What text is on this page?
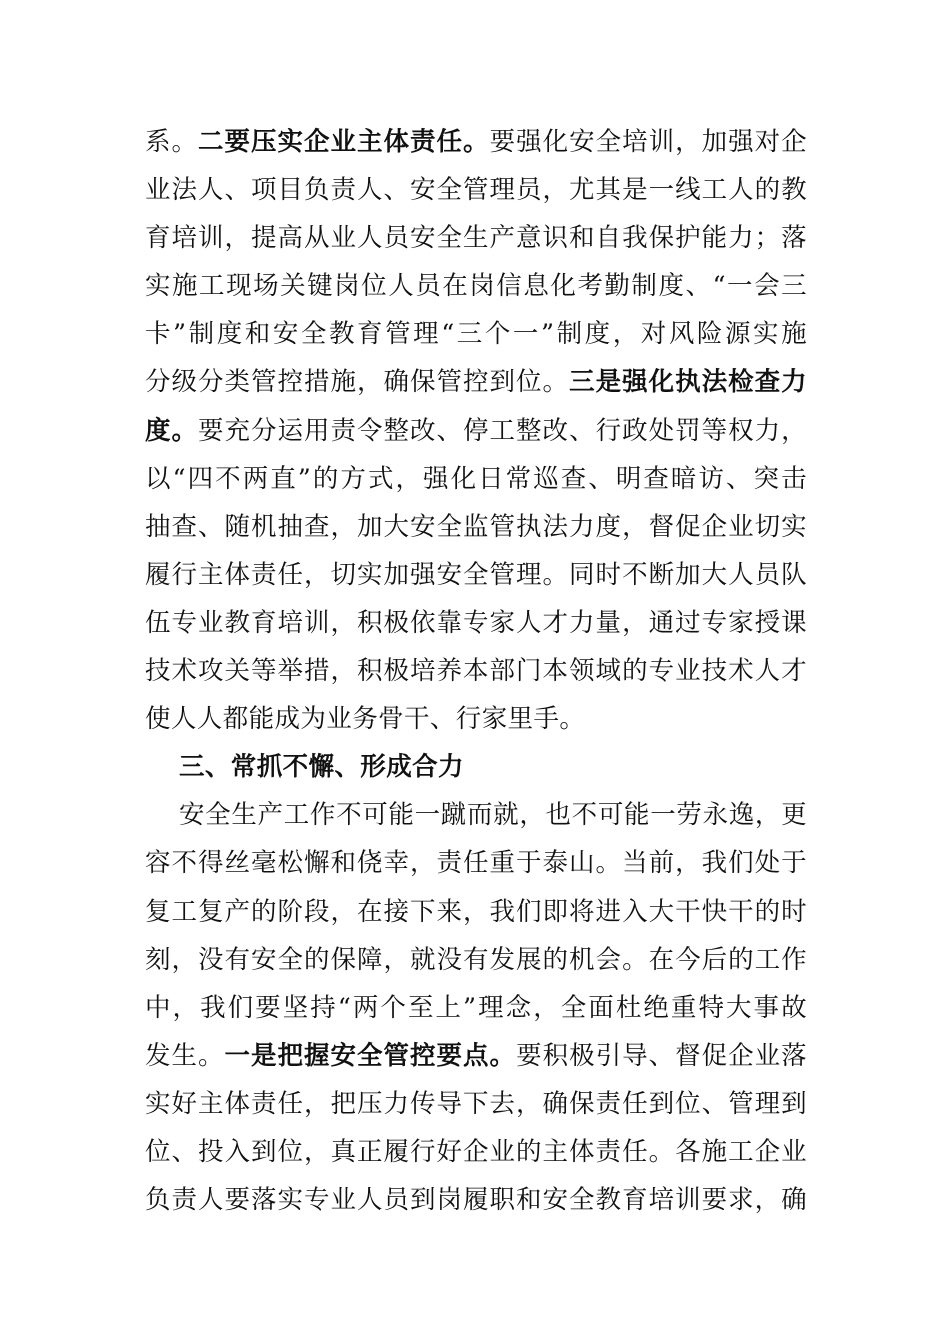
系。二要压实企业主体责任。要强化安全培训，加强对企
业法人、项目负责人、安全管理员，尤其是一线工人的教
育培训，提高从业人员安全生产意识和自我保护能力；落
实施工现场关键岗位人员在岗信息化考勤制度、“一会三
卡”制度和安全教育管理“三个一”制度，对风险源实施
分级分类管控措施，确保管控到位。三是强化执法检查力
度。要充分运用责令整改、停工整改、行政处罚等权力，
以“四不两直”的方式，强化日常巡查、明查暗访、突击
抽查、随机抽查，加大安全监管执法力度，督促企业切实
履行主体责任，切实加强安全管理。同时不断加大人员队
伍专业教育培训，积极依靠专家人才力量，通过专家授课
技术攻关等举措，积极培养本部门本领域的专业技术人才
使人人都能成为业务骨干、行家里手。
三、常抓不懈、形成合力
安全生产工作不可能一蹴而就，也不可能一劳永逸，更
容不得丝毫松懈和侥幸，责任重于泰山。当前，我们处于
复工复产的阶段，在接下来，我们即将进入大干快干的时
刻，没有安全的保障，就没有发展的机会。在今后的工作
中，我们要坚持“两个至上”理念，全面杜绝重特大事故
发生。一是把握安全管控要点。要积极引导、督促企业落
实好主体责任，把压力传导下去，确保责任到位、管理到
位、投入到位，真正履行好企业的主体责任。各施工企业
负责人要落实专业人员到岗履职和安全教育培训要求，确
